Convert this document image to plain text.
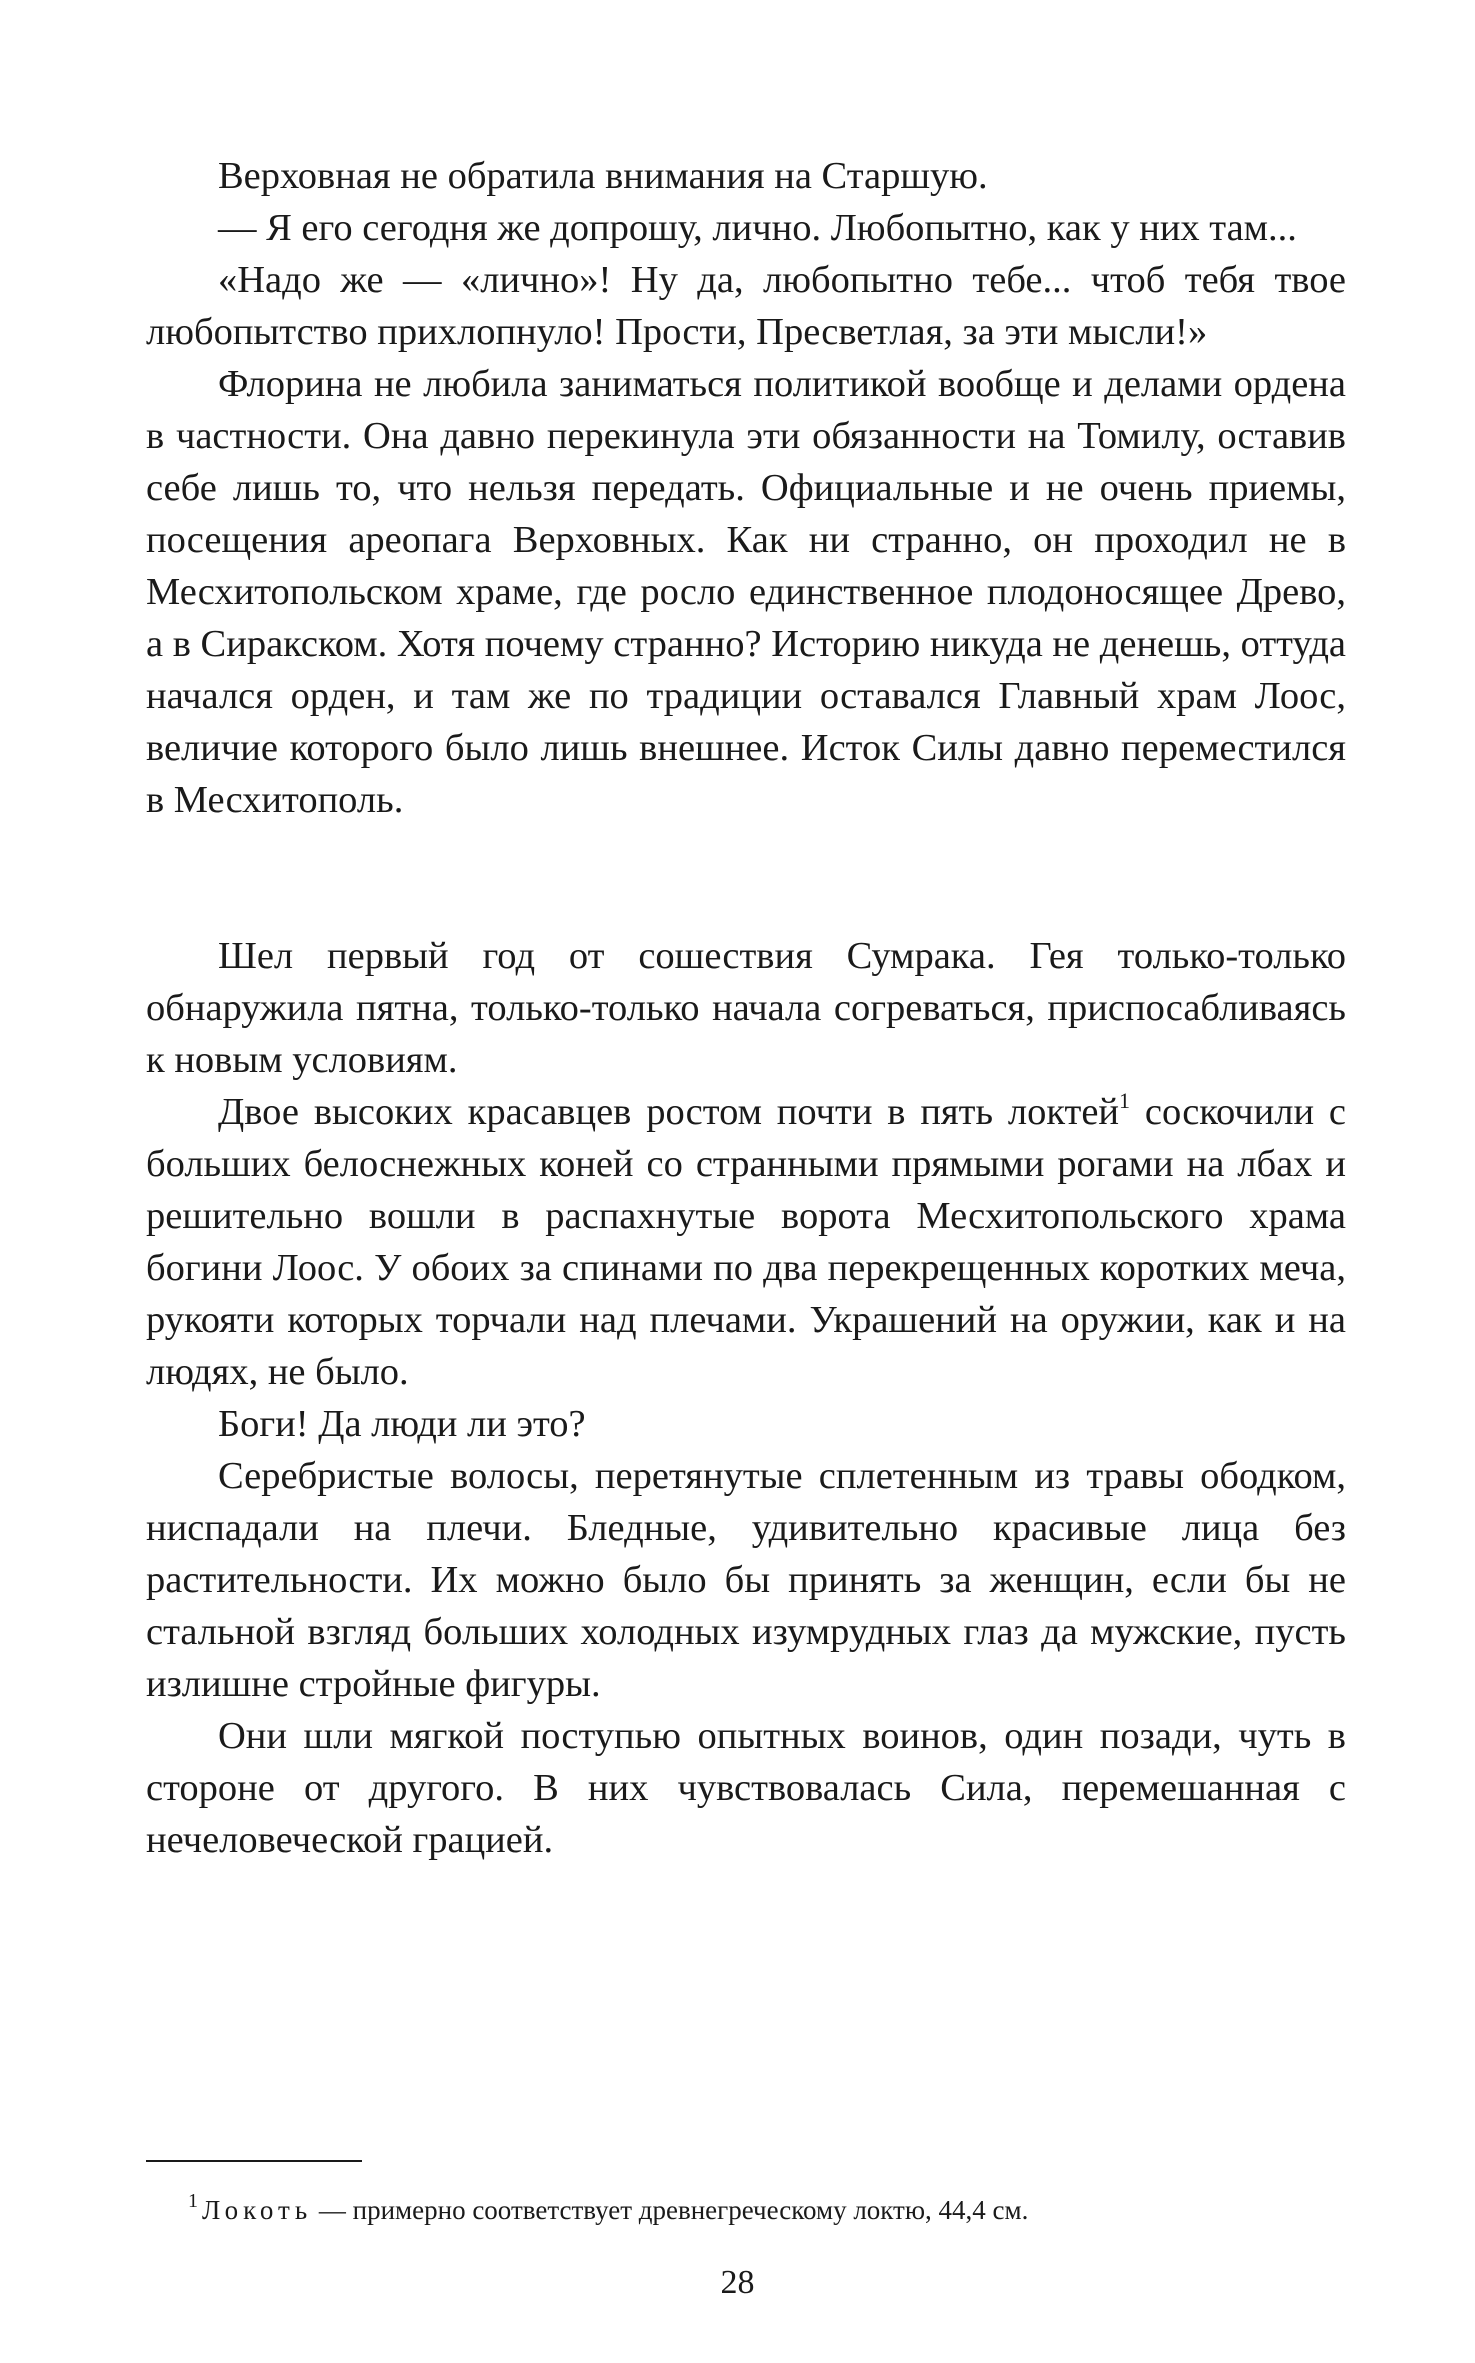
Верховная не обратила внимания на Старшую.

— Я его сегодня же допрошу, лично. Любопытно, как у них там...

«Надо же — «лично»! Ну да, любопытно тебе... чтоб тебя твое любопытство прихлопнуло! Прости, Пресветлая, за эти мысли!»

Флорина не любила заниматься политикой вообще и делами ордена в частности. Она давно перекинула эти обязанности на Томилу, оставив себе лишь то, что нельзя передать. Официальные и не очень приемы, посещения ареопага Верховных. Как ни странно, он проходил не в Месхитопольском храме, где росло единственное плодоносящее Древо, а в Сиракском. Хотя почему странно? Историю никуда не денешь, оттуда начался орден, и там же по традиции оставался Главный храм Лоос, величие которого было лишь внешнее. Исток Силы давно переместился в Месхитополь.

Шел первый год от сошествия Сумрака. Гея только-только обнаружила пятна, только-только начала согреваться, приспосабливаясь к новым условиям.

Двое высоких красавцев ростом почти в пять локтей$^1$ соскочили с больших белоснежных коней со странными прямыми рогами на лбах и решительно вошли в распахнутые ворота Месхитопольского храма богини Лоос. У обоих за спинами по два перекрещенных коротких меча, рукояти которых торчали над плечами. Украшений на оружии, как и на людях, не было.

Боги! Да люди ли это?

Серебристые волосы, перетянутые сплетенным из травы ободком, ниспадали на плечи. Бледные, удивительно красивые лица без растительности. Их можно было бы принять за женщин, если бы не стальной взгляд больших холодных изумрудных глаз да мужские, пусть излишне стройные фигуры.

Они шли мягкой поступью опытных воинов, один позади, чуть в стороне от другого. В них чувствовалась Сила, перемешанная с нечеловеческой грацией.

$^1$ Локоть — примерно соответствует древнегреческому локтю, 44,4 см.
28
